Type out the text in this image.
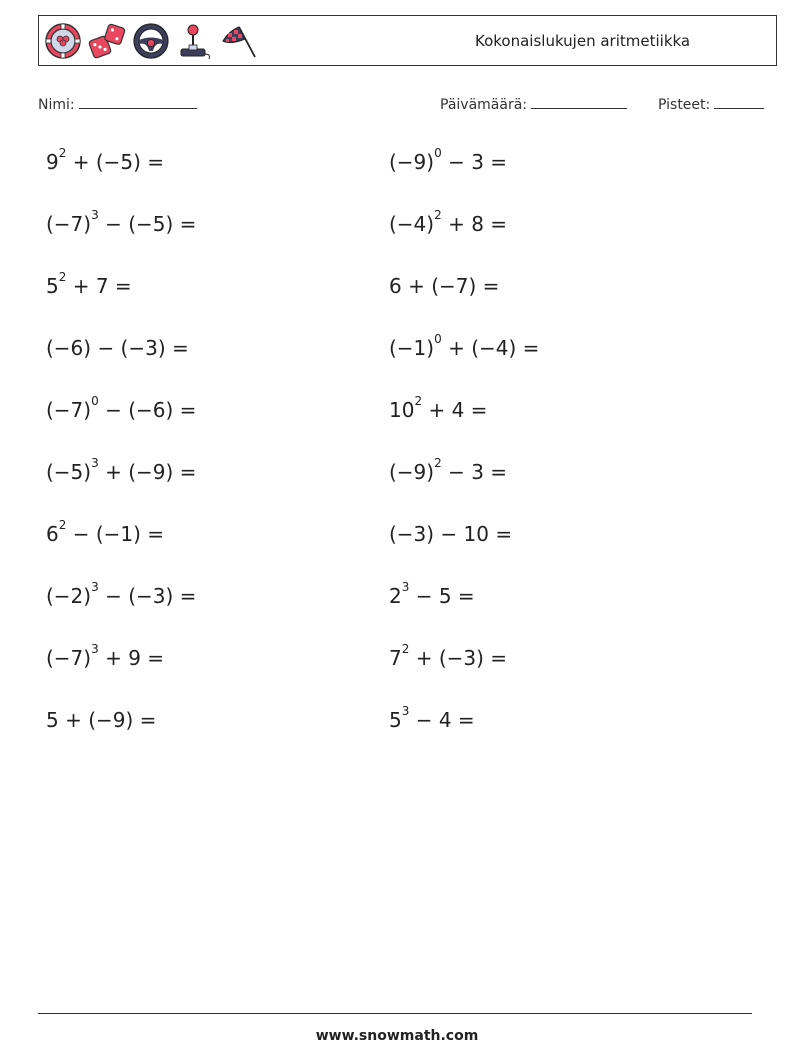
Kokonaislukujen aritmetiikka
Nimi:	Päivämäärä:	Pisteet:
$9^2 + (-5)$ =	$(-9)^0 - 3$ =
$(-7)^3 - (-5)$ =	$(-4)^2 + 8$ =
$5^2 + 7$ =	6 + (−7) =
(−6) − (−3) =	$(-1)^0 + (-4)$ =
$(-7)^0 - (-6)$ =	$10^2 + 4$ =
$(-5)^3 + (-9)$ =	$(-9)^2 - 3$ =
$6^2 - (-1)$ =	(−3) − 10 =
$(-2)^3 - (-3)$ =	$2^3 - 5$ =
$(-7)^3 + 9$ =	$7^2 + (-3)$ =
5 + (−9) =	$5^3 - 4$ =
www.snowmath.com
